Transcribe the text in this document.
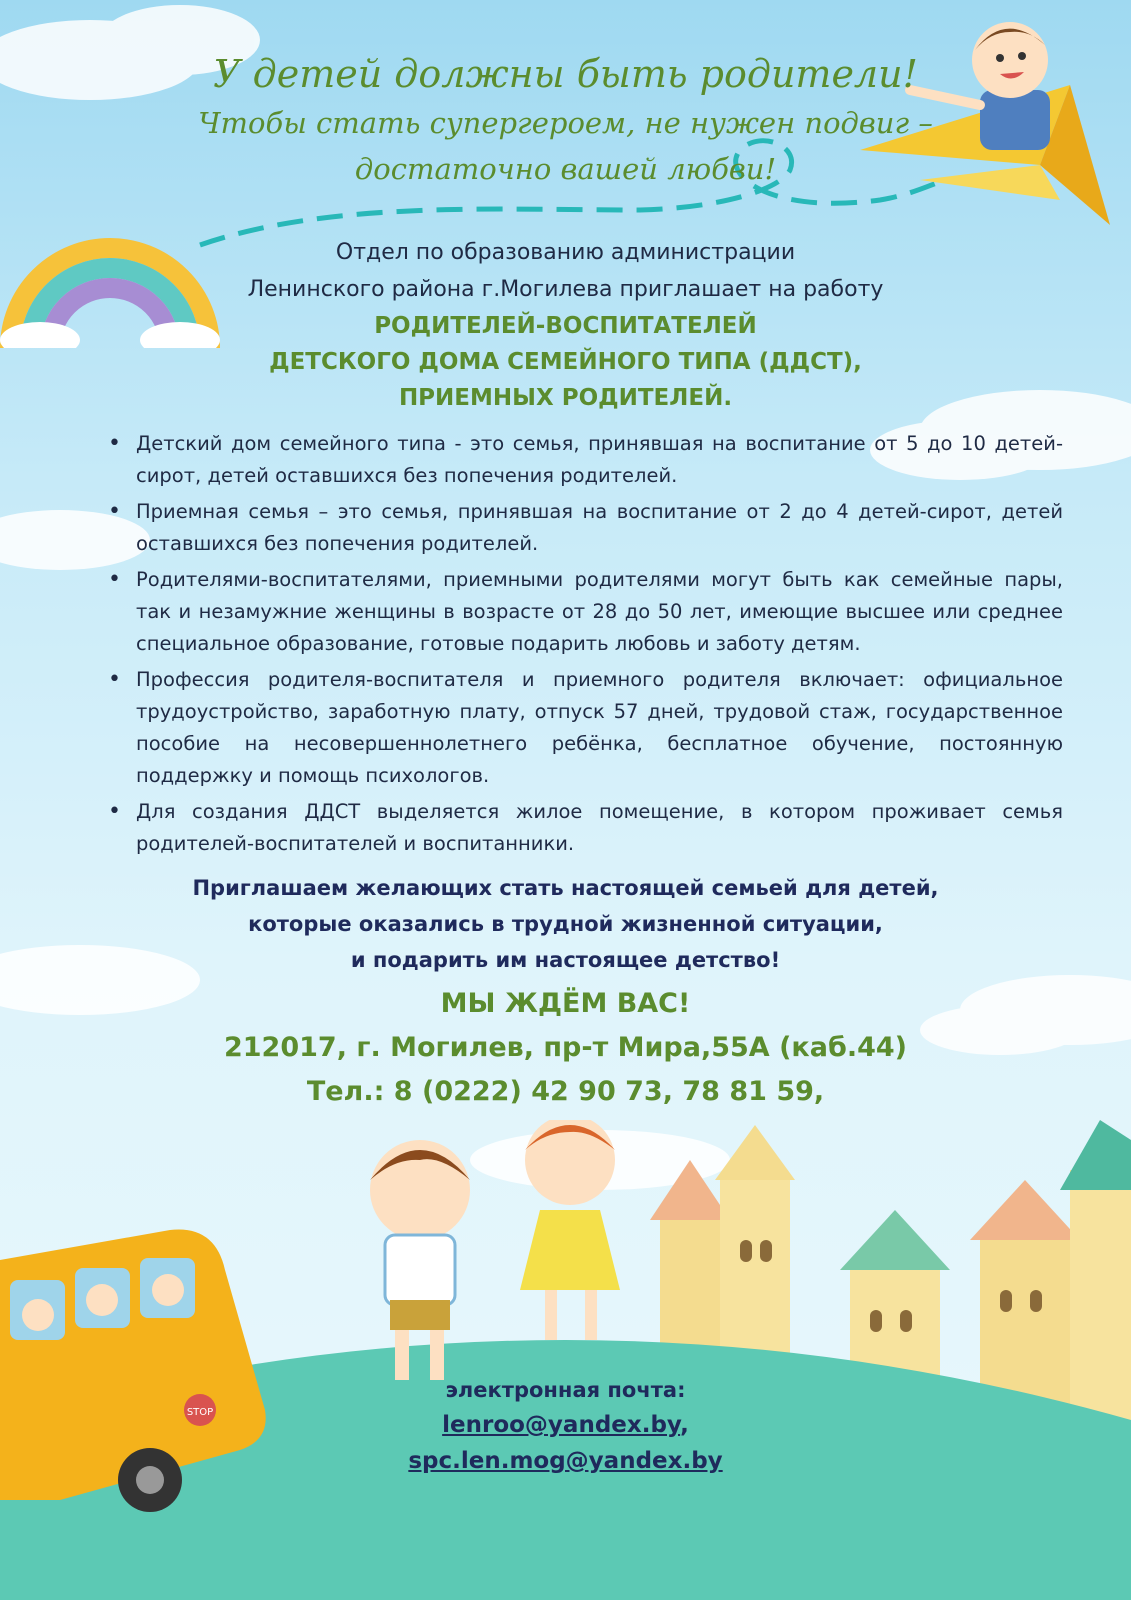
У детей должны быть родители!
Чтобы стать супергероем, не нужен подвиг –
достаточно вашей любви!
Отдел по образованию администрации
Ленинского района г.Могилева приглашает на работу
РОДИТЕЛЕЙ-ВОСПИТАТЕЛЕЙ
ДЕТСКОГО ДОМА СЕМЕЙНОГО ТИПА (ДДСТ),
ПРИЕМНЫХ РОДИТЕЛЕЙ.
• Детский дом семейного типа - это семья, принявшая на воспитание от 5 до 10 детей-сирот, детей оставшихся без попечения родителей.
• Приемная семья – это семья, принявшая на воспитание от 2 до 4 детей-сирот, детей оставшихся без попечения родителей.
• Родителями-воспитателями, приемными родителями могут быть как семейные пары, так и незамужние женщины в возрасте от 28 до 50 лет, имеющие высшее или среднее специальное образование, готовые подарить любовь и заботу детям.
• Профессия родителя-воспитателя и приемного родителя включает: официальное трудоустройство, заработную плату, отпуск 57 дней, трудовой стаж, государственное пособие на несовершеннолетнего ребёнка, бесплатное обучение, постоянную поддержку и помощь психологов.
• Для создания ДДСТ выделяется жилое помещение, в котором проживает семья родителей-воспитателей и воспитанники.
Приглашаем желающих стать настоящей семьей для детей,
которые оказались в трудной жизненной ситуации,
и подарить им настоящее детство!
МЫ ЖДЁМ ВАС!
212017, г. Могилев, пр-т Мира,55А (каб.44)
Тел.: 8 (0222) 42 90 73, 78 81 59,
STOP
электронная почта:
lenroo@yandex.by,
spc.len.mog@yandex.by
